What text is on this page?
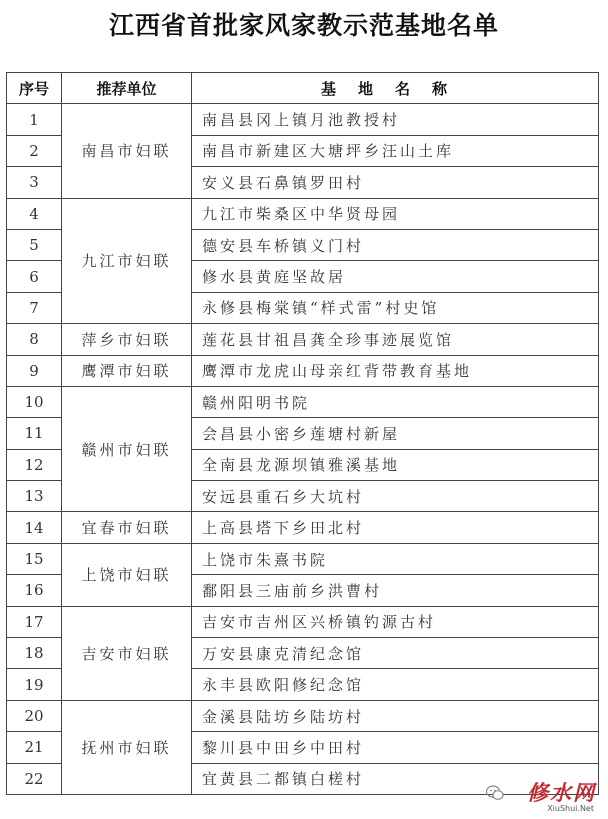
江西省首批家风家教示范基地名单
序号	推荐单位	基地名称
1	南昌市妇联	南昌县冈上镇月池教授村
2		南昌市新建区大塘坪乡汪山土库
3		安义县石鼻镇罗田村
4	九江市妇联	九江市柴桑区中华贤母园
5		德安县车桥镇义门村
6		修水县黄庭坚故居
7		永修县梅棠镇“样式雷”村史馆
8	萍乡市妇联	莲花县甘祖昌龚全珍事迹展览馆
9	鹰潭市妇联	鹰潭市龙虎山母亲红背带教育基地
10	赣州市妇联	赣州阳明书院
11		会昌县小密乡莲塘村新屋
12		全南县龙源坝镇雅溪基地
13		安远县重石乡大坑村
14	宜春市妇联	上高县塔下乡田北村
15	上饶市妇联	上饶市朱熹书院
16		鄱阳县三庙前乡洪曹村
17	吉安市妇联	吉安市吉州区兴桥镇钓源古村
18		万安县康克清纪念馆
19		永丰县欧阳修纪念馆
20	抚州市妇联	金溪县陆坊乡陆坊村
21		黎川县中田乡中田村
22		宜黄县二都镇白槎村
修水网
XiuShui.Net
